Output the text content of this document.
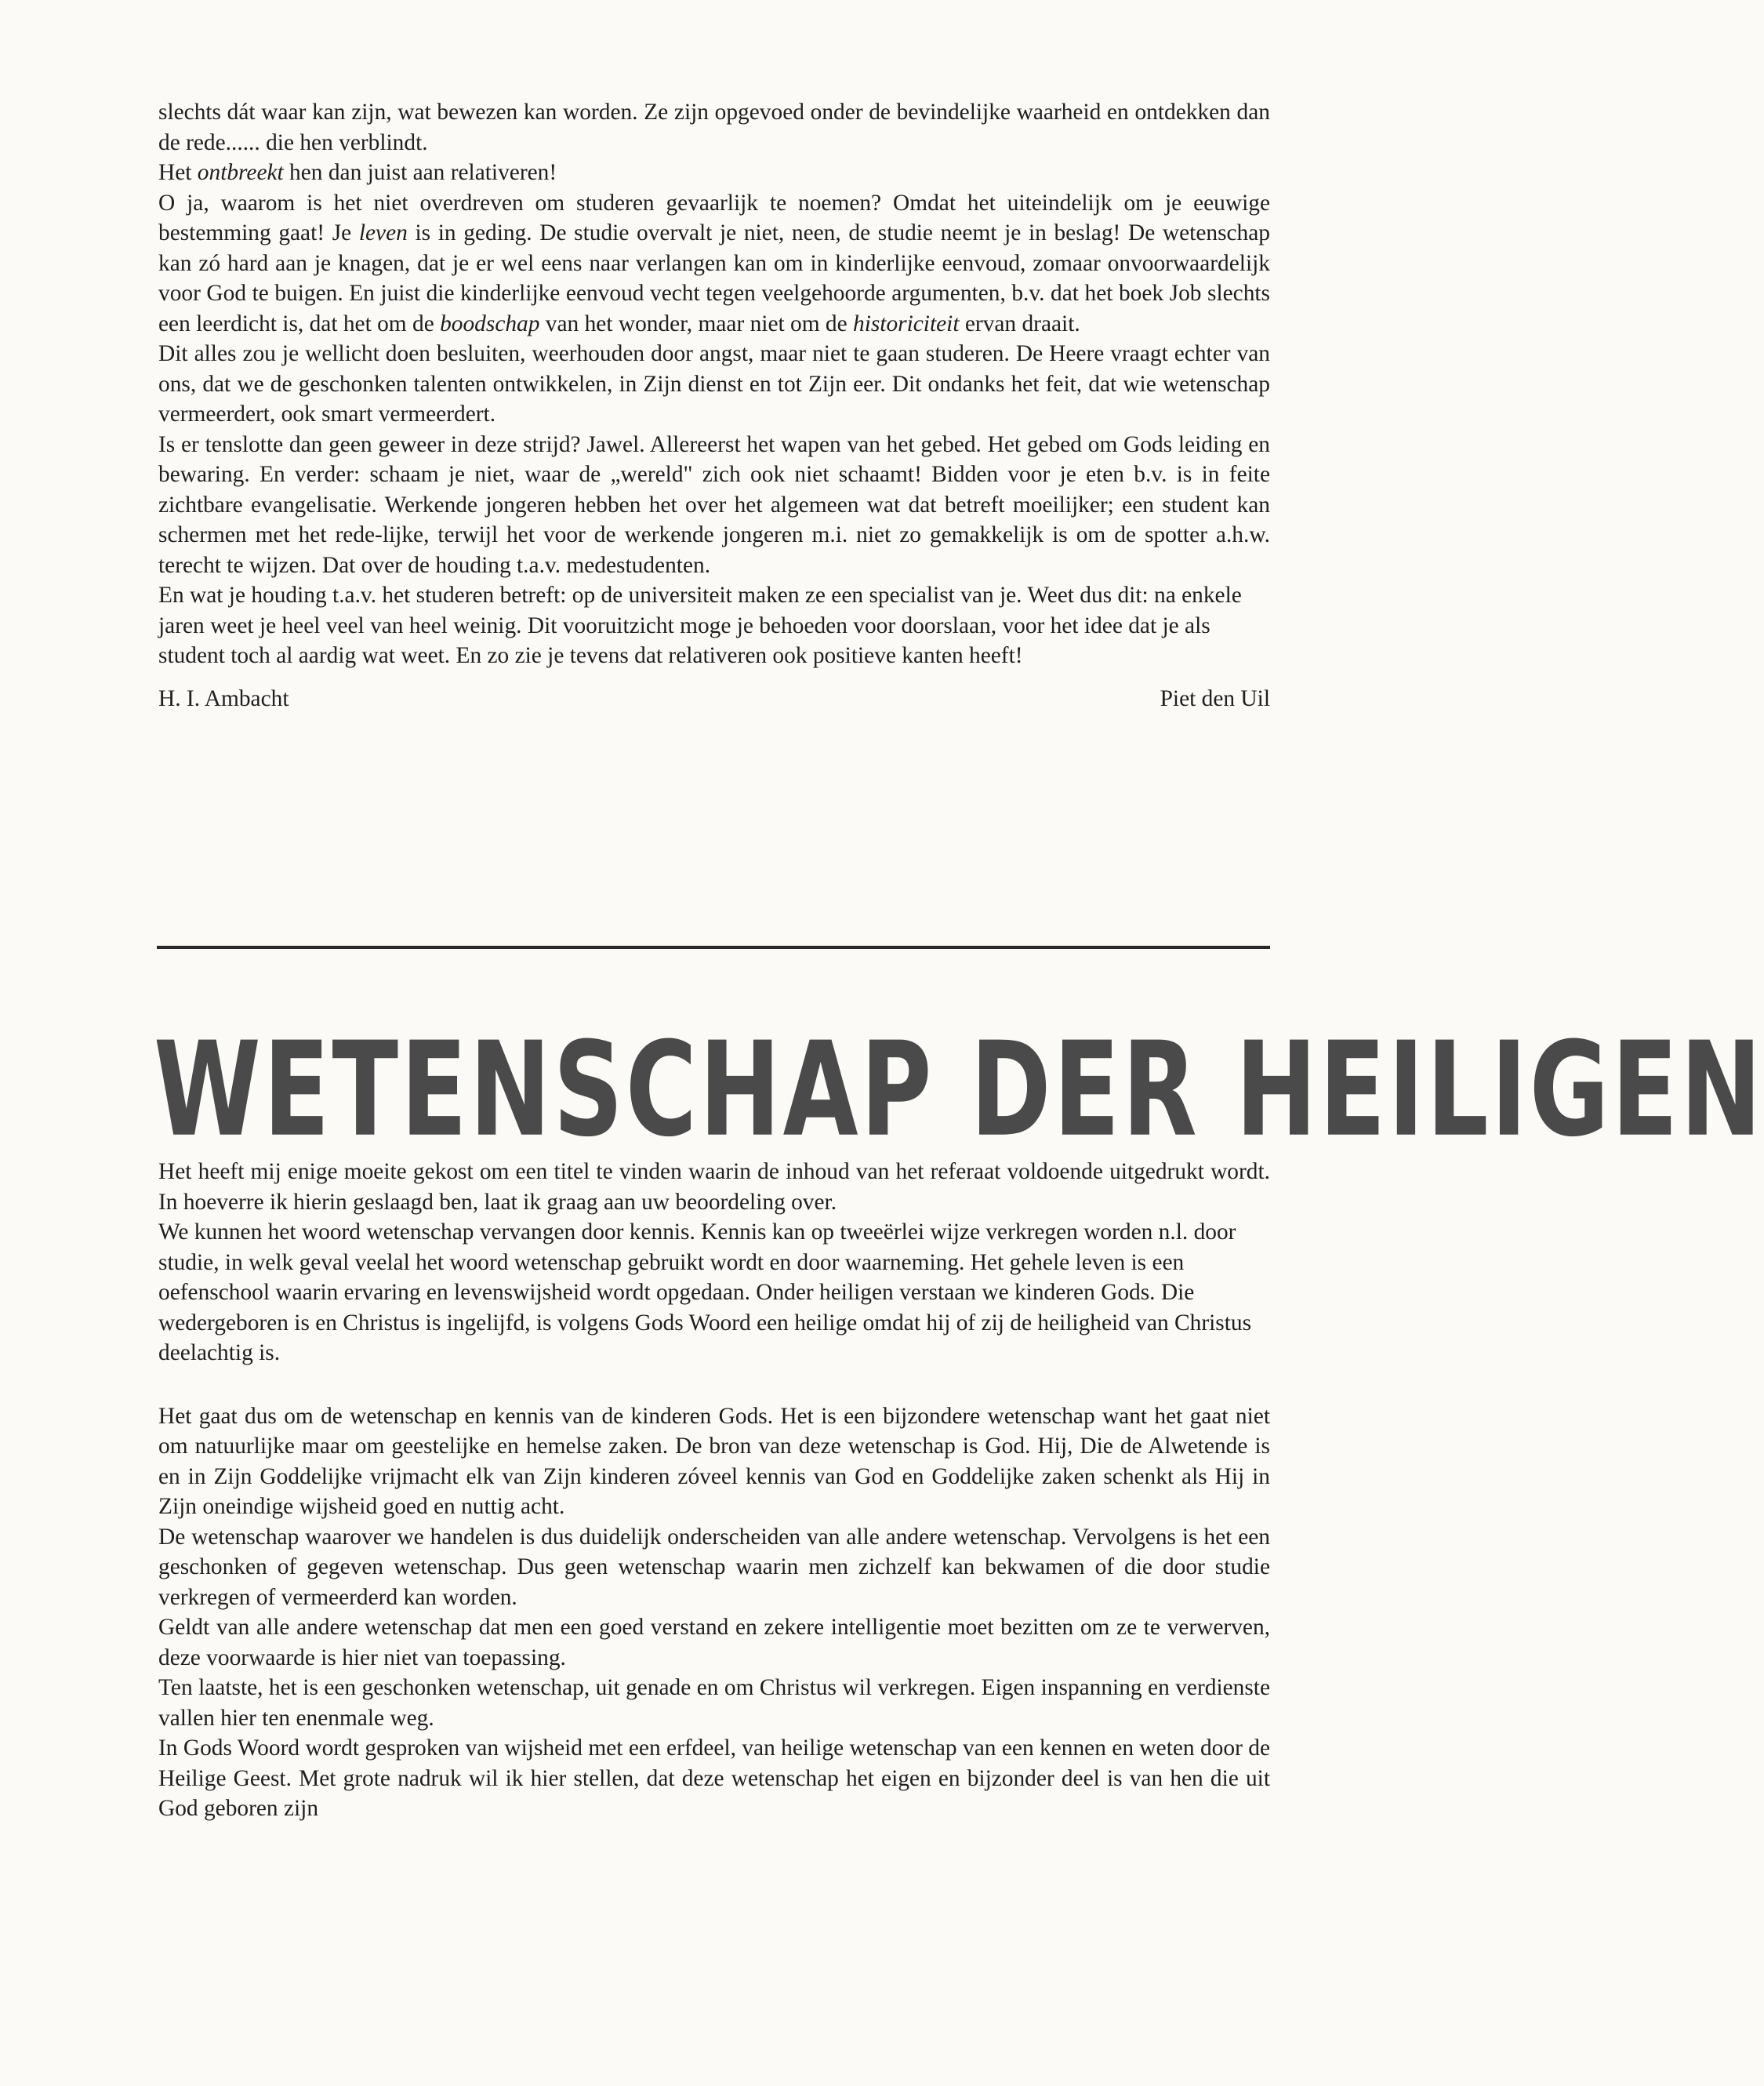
slechts dát waar kan zijn, wat bewezen kan worden. Ze zijn opgevoed onder de bevindelijke waarheid en ontdekken dan de rede...... die hen verblindt.

Het ontbreekt hen dan juist aan relativeren!

O ja, waarom is het niet overdreven om studeren gevaarlijk te noemen? Omdat het uiteindelijk om je eeuwige bestemming gaat! Je leven is in geding. De studie overvalt je niet, neen, de studie neemt je in beslag! De wetenschap kan zó hard aan je knagen, dat je er wel eens naar verlangen kan om in kinderlijke eenvoud, zomaar onvoorwaardelijk voor God te buigen. En juist die kinderlijke eenvoud vecht tegen veelgehoorde argumenten, b.v. dat het boek Job slechts een leerdicht is, dat het om de boodschap van het wonder, maar niet om de historiciteit ervan draait.

Dit alles zou je wellicht doen besluiten, weerhouden door angst, maar niet te gaan studeren. De Heere vraagt echter van ons, dat we de geschonken talenten ontwikkelen, in Zijn dienst en tot Zijn eer. Dit ondanks het feit, dat wie wetenschap vermeerdert, ook smart vermeerdert.

Is er tenslotte dan geen geweer in deze strijd? Jawel. Allereerst het wapen van het gebed. Het gebed om Gods leiding en bewaring. En verder: schaam je niet, waar de „wereld" zich ook niet schaamt! Bidden voor je eten b.v. is in feite zichtbare evangelisatie. Werkende jongeren hebben het over het algemeen wat dat betreft moeilijker; een student kan schermen met het rede-lijke, terwijl het voor de werkende jongeren m.i. niet zo gemakkelijk is om de spotter a.h.w. terecht te wijzen. Dat over de houding t.a.v. medestudenten.

En wat je houding t.a.v. het studeren betreft: op de universiteit maken ze een specialist van je. Weet dus dit: na enkele jaren weet je heel veel van heel weinig. Dit vooruitzicht moge je behoeden voor doorslaan, voor het idee dat je als student toch al aardig wat weet. En zo zie je tevens dat relativeren ook positieve kanten heeft!

H. I. Ambacht	Piet den Uil
WETENSCHAP DER HEILIGEN

Het heeft mij enige moeite gekost om een titel te vinden waarin de inhoud van het referaat voldoende uitgedrukt wordt. In hoeverre ik hierin geslaagd ben, laat ik graag aan uw beoordeling over.

We kunnen het woord wetenschap vervangen door kennis. Kennis kan op tweeërlei wijze verkregen worden n.l. door studie, in welk geval veelal het woord wetenschap gebruikt wordt en door waarneming. Het gehele leven is een oefenschool waarin ervaring en levenswijsheid wordt opgedaan. Onder heiligen verstaan we kinderen Gods. Die wedergeboren is en Christus is ingelijfd, is volgens Gods Woord een heilige omdat hij of zij de heiligheid van Christus deelachtig is.

Het gaat dus om de wetenschap en kennis van de kinderen Gods. Het is een bijzondere wetenschap want het gaat niet om natuurlijke maar om geestelijke en hemelse zaken. De bron van deze wetenschap is God. Hij, Die de Alwetende is en in Zijn Goddelijke vrijmacht elk van Zijn kinderen zóveel kennis van God en Goddelijke zaken schenkt als Hij in Zijn oneindige wijsheid goed en nuttig acht.

De wetenschap waarover we handelen is dus duidelijk onderscheiden van alle andere wetenschap. Vervolgens is het een geschonken of gegeven wetenschap. Dus geen wetenschap waarin men zichzelf kan bekwamen of die door studie verkregen of vermeerderd kan worden.

Geldt van alle andere wetenschap dat men een goed verstand en zekere intelligentie moet bezitten om ze te verwerven, deze voorwaarde is hier niet van toepassing.

Ten laatste, het is een geschonken wetenschap, uit genade en om Christus wil verkregen. Eigen inspanning en verdienste vallen hier ten enenmale weg.

In Gods Woord wordt gesproken van wijsheid met een erfdeel, van heilige wetenschap van een kennen en weten door de Heilige Geest. Met grote nadruk wil ik hier stellen, dat deze wetenschap het eigen en bijzonder deel is van hen die uit God geboren zijn
